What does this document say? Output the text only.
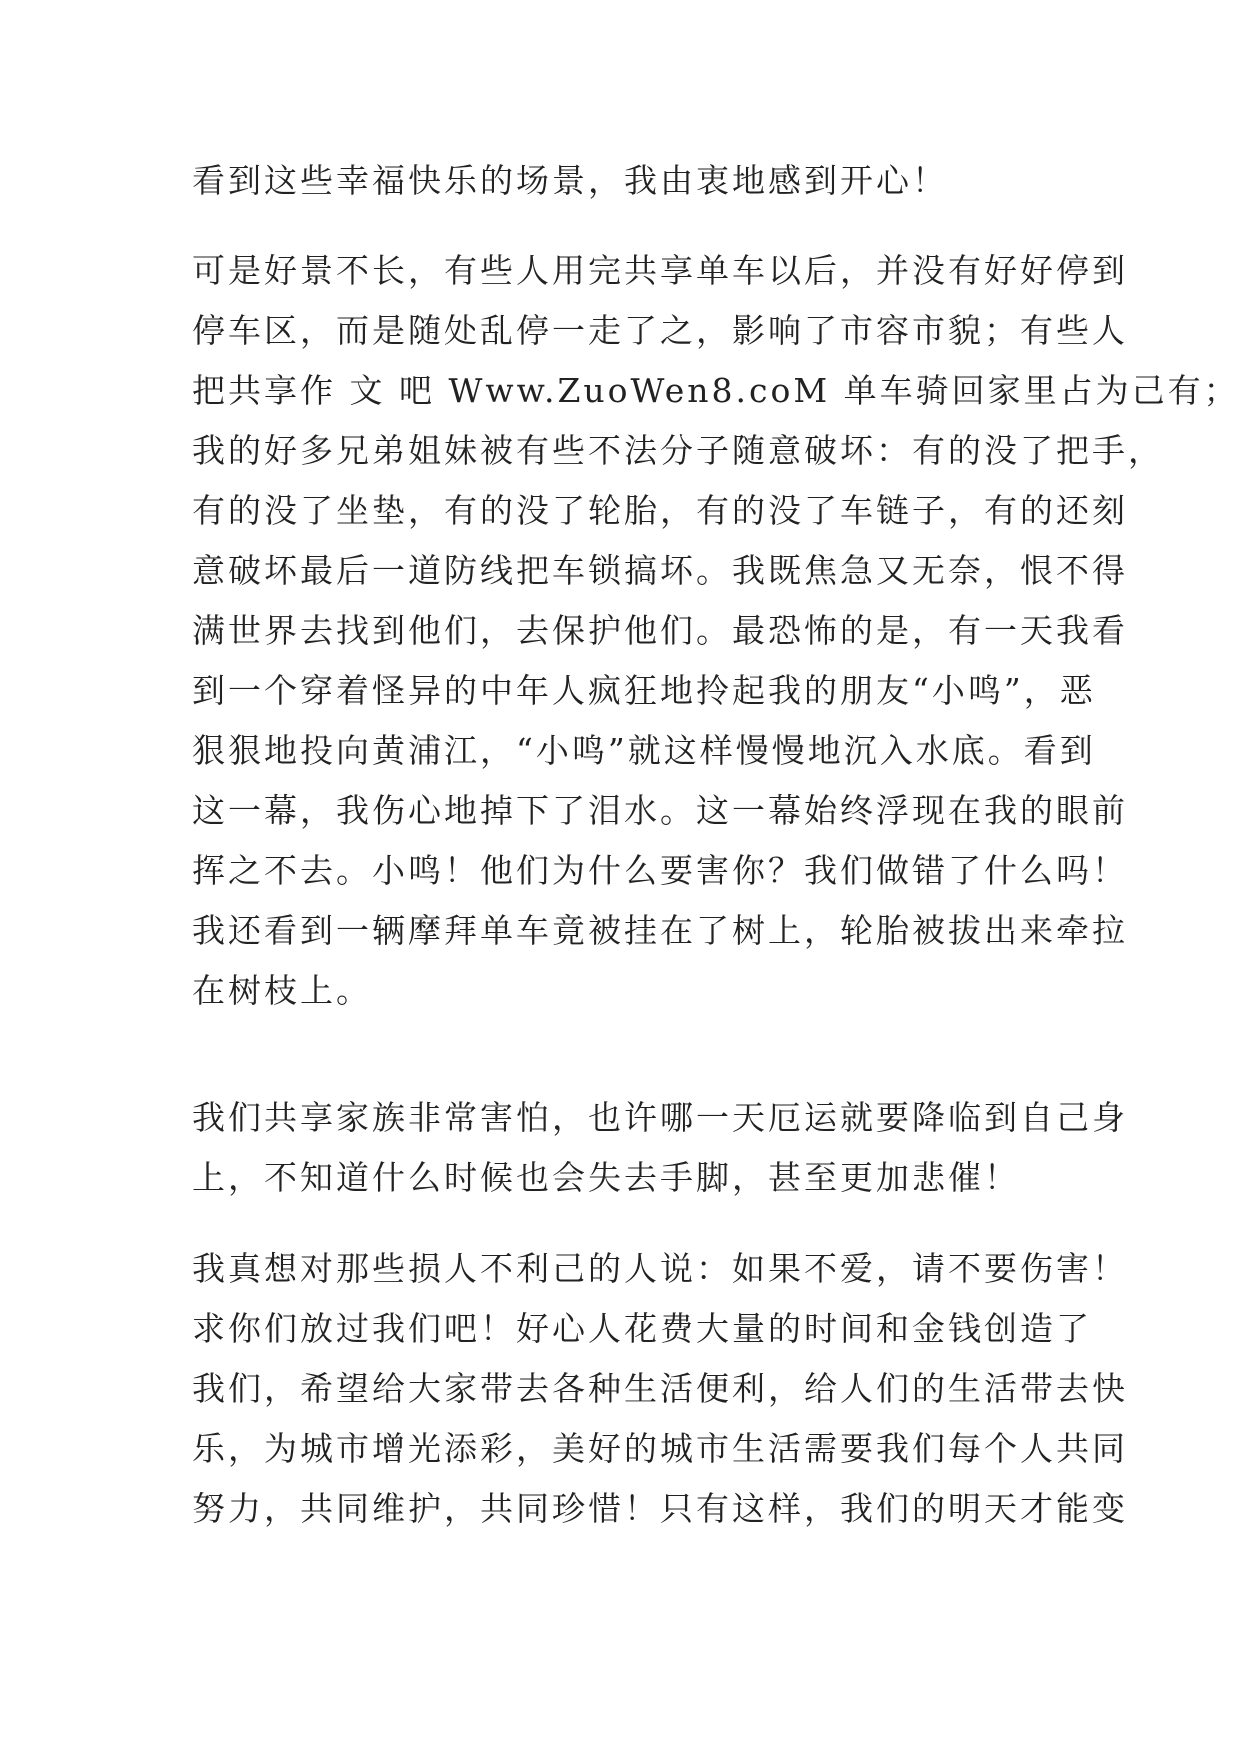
看到这些幸福快乐的场景，我由衷地感到开心！
可是好景不长，有些人用完共享单车以后，并没有好好停到
停车区，而是随处乱停一走了之，影响了市容市貌；有些人
把共享作 文 吧 Www.ZuoWen8.coM 单车骑回家里占为己有；
我的好多兄弟姐妹被有些不法分子随意破坏：有的没了把手，
有的没了坐垫，有的没了轮胎，有的没了车链子，有的还刻
意破坏最后一道防线把车锁搞坏。我既焦急又无奈，恨不得
满世界去找到他们，去保护他们。最恐怖的是，有一天我看
到一个穿着怪异的中年人疯狂地拎起我的朋友“小鸣”，恶
狠狠地投向黄浦江，“小鸣”就这样慢慢地沉入水底。看到
这一幕，我伤心地掉下了泪水。这一幕始终浮现在我的眼前
挥之不去。小鸣！他们为什么要害你？我们做错了什么吗！
我还看到一辆摩拜单车竟被挂在了树上，轮胎被拔出来牵拉
在树枝上。
我们共享家族非常害怕，也许哪一天厄运就要降临到自己身
上，不知道什么时候也会失去手脚，甚至更加悲催！
我真想对那些损人不利己的人说：如果不爱，请不要伤害！
求你们放过我们吧！好心人花费大量的时间和金钱创造了
我们，希望给大家带去各种生活便利，给人们的生活带去快
乐，为城市增光添彩，美好的城市生活需要我们每个人共同
努力，共同维护，共同珍惜！只有这样，我们的明天才能变
